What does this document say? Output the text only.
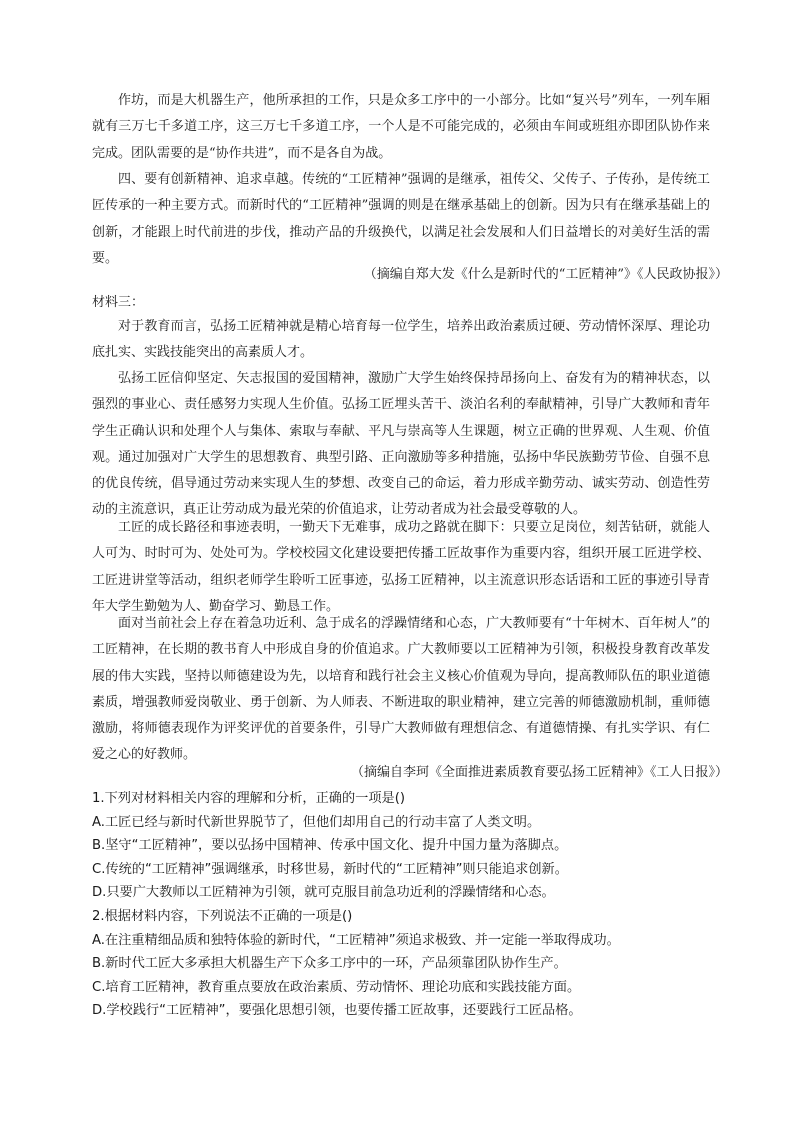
作坊，而是大机器生产，他所承担的工作，只是众多工序中的一小部分。比如“复兴号”列车，一列车厢就有三万七千多道工序，这三万七千多道工序，一个人是不可能完成的，必须由车间或班组亦即团队协作来完成。团队需要的是“协作共进”，而不是各自为战。
四、要有创新精神、追求卓越。传统的“工匠精神”强调的是继承，祖传父、父传子、子传孙，是传统工匠传承的一种主要方式。而新时代的“工匠精神”强调的则是在继承基础上的创新。因为只有在继承基础上的创新，才能跟上时代前进的步伐，推动产品的升级换代，以满足社会发展和人们日益增长的对美好生活的需要。
（摘编自郑大发《什么是新时代的“工匠精神”》《人民政协报》）
材料三：
对于教育而言，弘扬工匠精神就是精心培育每一位学生，培养出政治素质过硬、劳动情怀深厚、理论功底扎实、实践技能突出的高素质人才。
弘扬工匠信仰坚定、矢志报国的爱国精神，激励广大学生始终保持昂扬向上、奋发有为的精神状态，以强烈的事业心、责任感努力实现人生价值。弘扬工匠埋头苦干、淡泊名利的奉献精神，引导广大教师和青年学生正确认识和处理个人与集体、索取与奉献、平凡与崇高等人生课题，树立正确的世界观、人生观、价值观。通过加强对广大学生的思想教育、典型引路、正向激励等多种措施，弘扬中华民族勤劳节俭、自强不息的优良传统，倡导通过劳动来实现人生的梦想、改变自己的命运，着力形成辛勤劳动、诚实劳动、创造性劳动的主流意识，真正让劳动成为最光荣的价值追求，让劳动者成为社会最受尊敬的人。
工匠的成长路径和事迹表明，一勤天下无难事，成功之路就在脚下：只要立足岗位，刻苦钻研，就能人人可为、时时可为、处处可为。学校校园文化建设要把传播工匠故事作为重要内容，组织开展工匠进学校、工匠进讲堂等活动，组织老师学生聆听工匠事迹，弘扬工匠精神，以主流意识形态话语和工匠的事迹引导青年大学生勤勉为人、勤奋学习、勤恳工作。
面对当前社会上存在着急功近利、急于成名的浮躁情绪和心态，广大教师要有“十年树木、百年树人”的工匠精神，在长期的教书育人中形成自身的价值追求。广大教师要以工匠精神为引领，积极投身教育改革发展的伟大实践，坚持以师德建设为先，以培育和践行社会主义核心价值观为导向，提高教师队伍的职业道德素质，增强教师爱岗敬业、勇于创新、为人师表、不断进取的职业精神，建立完善的师德激励机制，重师德激励，将师德表现作为评奖评优的首要条件，引导广大教师做有理想信念、有道德情操、有扎实学识、有仁爱之心的好教师。
（摘编自李珂《全面推进素质教育要弘扬工匠精神》《工人日报》）
1.下列对材料相关内容的理解和分析，正确的一项是()
A.工匠已经与新时代新世界脱节了，但他们却用自己的行动丰富了人类文明。
B.坚守“工匠精神”，要以弘扬中国精神、传承中国文化、提升中国力量为落脚点。
C.传统的“工匠精神”强调继承，时移世易，新时代的“工匠精神”则只能追求创新。
D.只要广大教师以工匠精神为引领，就可克服目前急功近利的浮躁情绪和心态。
2.根据材料内容，下列说法不正确的一项是()
A.在注重精细品质和独特体验的新时代，“工匠精神”须追求极致、并一定能一举取得成功。
B.新时代工匠大多承担大机器生产下众多工序中的一环，产品须靠团队协作生产。
C.培育工匠精神，教育重点要放在政治素质、劳动情怀、理论功底和实践技能方面。
D.学校践行“工匠精神”，要强化思想引领，也要传播工匠故事，还要践行工匠品格。
